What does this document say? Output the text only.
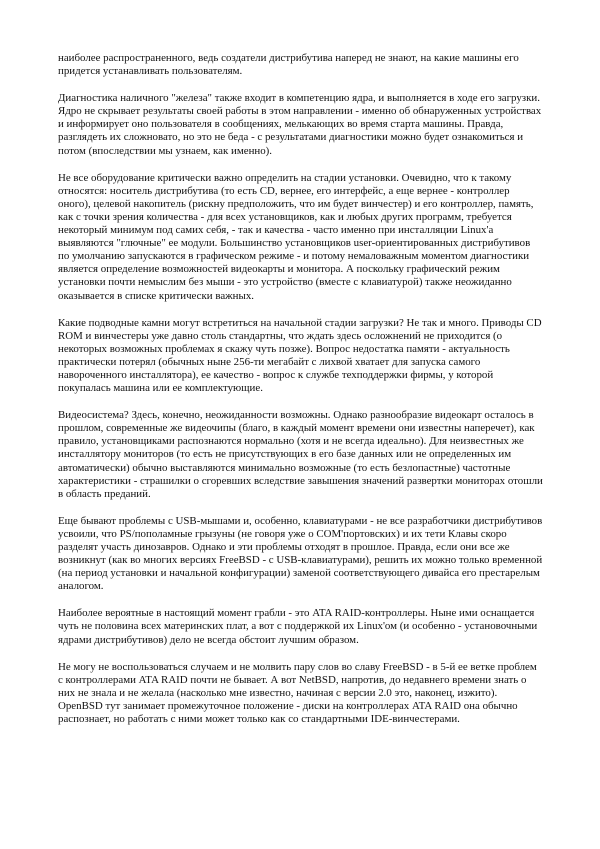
наиболее распространенного, ведь создатели дистрибутива наперед не знают, на какие машины его придется устанавливать пользователям.

Диагностика наличного "железа" также входит в компетенцию ядра, и выполняется в ходе его загрузки. Ядро не скрывает результаты своей работы в этом направлении - именно об обнаруженных устройствах и информирует оно пользователя в сообщениях, мелькающих во время старта машины. Правда, разглядеть их сложновато, но это не беда - с результатами диагностики можно будет ознакомиться и потом (впоследствии мы узнаем, как именно).

Не все оборудование критически важно определить на стадии установки. Очевидно, что к такому относятся: носитель дистрибутива (то есть CD, вернее, его интерфейс, а еще вернее - контроллер оного), целевой накопитель (рискну предположить, что им будет винчестер) и его контроллер, память, как с точки зрения количества - для всех установщиков, как и любых других программ, требуется некоторый минимум под самих себя, - так и качества - часто именно при инсталляции Linux'а выявляются "глючные" ее модули. Большинство установщиков user-ориентированных дистрибутивов по умолчанию запускаются в графическом режиме - и потому немаловажным моментом диагностики является определение возможностей видеокарты и монитора. А поскольку графический режим установки почти немыслим без мыши - это устройство (вместе с клавиатурой) также неожиданно оказывается в списке критически важных.

Какие подводные камни могут встретиться на начальной стадии загрузки? Не так и много. Приводы CD ROM и винчестеры уже давно столь стандартны, что ждать здесь осложнений не приходится (о некоторых возможных проблемах я скажу чуть позже). Вопрос недостатка памяти - актуальность практически потерял (обычных ныне 256-ти мегабайт с лихвой хватает для запуска самого навороченного инсталлятора), ее качество - вопрос к службе техподдержки фирмы, у которой покупалась машина или ее комплектующие.

Видеосистема? Здесь, конечно, неожиданности возможны. Однако разнообразие видеокарт осталось в прошлом, современные же видеочипы (благо, в каждый момент времени они известны наперечет), как правило, установщиками распознаются нормально (хотя и не всегда идеально). Для неизвестных же инсталлятору мониторов (то есть не присутствующих в его базе данных или не определенных им автоматически) обычно выставляются минимально возможные (то есть безлопастные) частотные характеристики - страшилки о сгоревших вследствие завышения значений развертки мониторах отошли в область преданий.

Еще бывают проблемы с USB-мышами и, особенно, клавиатурами - не все разработчики дистрибутивов усвоили, что PS/пополамные грызуны (не говоря уже о COM'портовских) и их тети Клавы скоро разделят участь динозавров. Однако и эти проблемы отходят в прошлое. Правда, если они все же возникнут (как во многих версиях FreeBSD - с USB-клавиатурами), решить их можно только временной (на период установки и начальной конфигурации) заменой соответствующего дивайса его престарелым аналогом.

Наиболее вероятные в настоящий момент грабли - это ATA RAID-контроллеры. Ныне ими оснащается чуть не половина всех материнских плат, а вот с поддержкой их Linux'ом (и особенно - установочными ядрами дистрибутивов) дело не всегда обстоит лучшим образом.

Не могу не воспользоваться случаем и не молвить пару слов во славу FreeBSD - в 5-й ее ветке проблем с контроллерами ATA RAID почти не бывает. А вот NetBSD, напротив, до недавнего времени знать о них не знала и не желала (насколько мне известно, начиная с версии 2.0 это, наконец, изжито). OpenBSD тут занимает промежуточное положение - диски на контроллерах ATA RAID она обычно распознает, но работать с ними может только как со стандартными IDE-винчестерами.
